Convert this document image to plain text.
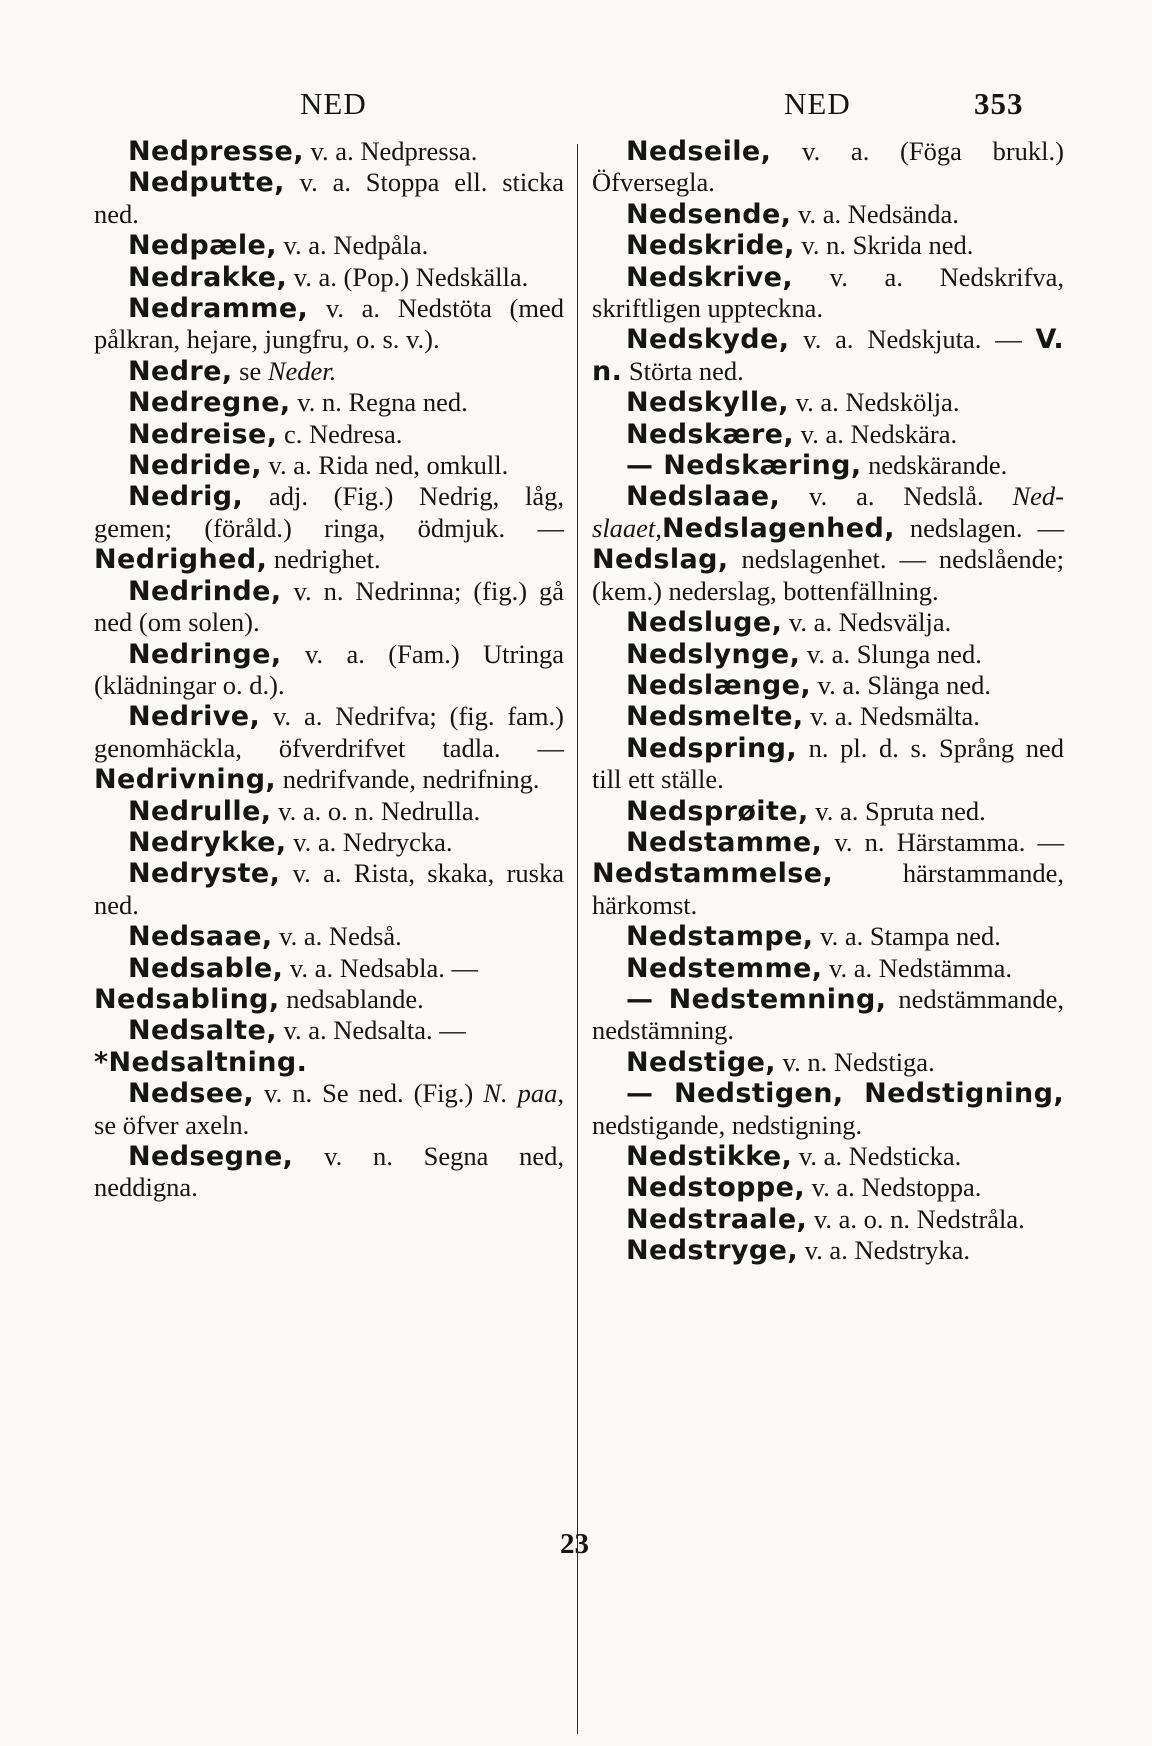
NED	NED	353

Nedpresse, v. a. Nedpressa.

Nedputte, v. a. Stoppa ell. sticka ned.

Nedpæle, v. a. Nedpåla.

Nedrakke, v. a. (Pop.) Nedskälla.

Nedramme, v. a. Nedstöta (med pålkran, hejare, jungfru, o. s. v.).

Nedre, se Neder.

Nedregne, v. n. Regna ned.

Nedreise, c. Nedresa.

Nedride, v. a. Rida ned, omkull.

Nedrig, adj. (Fig.) Nedrig, låg, gemen; (föråld.) ringa, ödmjuk. — Nedrighed, nedrighet.

Nedrinde, v. n. Nedrinna; (fig.) gå ned (om solen).

Nedringe, v. a. (Fam.) Utringa (klädningar o. d.).

Nedrive, v. a. Nedrifva; (fig. fam.) genomhäckla, öfverdrifvet tadla. — Nedrivning, nedrifvande, nedrifning.

Nedrulle, v. a. o. n. Nedrulla.

Nedrykke, v. a. Nedrycka.

Nedryste, v. a. Rista, skaka, ruska ned.

Nedsaae, v. a. Nedså.

Nedsable, v. a. Nedsabla. —

Nedsabling, nedsablande.

Nedsalte, v. a. Nedsalta. —

*Nedsaltning.

Nedsee, v. n. Se ned. (Fig.) N. paa, se öfver axeln.

Nedsegne, v. n. Segna ned, neddigna.

Nedseile, v. a. (Föga brukl.) Öfversegla.

Nedsende, v. a. Nedsända.

Nedskride, v. n. Skrida ned.

Nedskrive, v. a. Nedskrifva, skriftligen uppteckna.

Nedskyde, v. a. Nedskjuta. — V. n. Störta ned.

Nedskylle, v. a. Nedskölja.

Nedskære, v. a. Nedskära.

— Nedskæring, nedskärande.

Nedslaae, v. a. Nedslå. Nedslaaet,Nedslagenhed, nedslagen. — Nedslag, nedslagenhet. — nedslående; (kem.) nederslag, bottenfällning.

Nedsluge, v. a. Nedsvälja.

Nedslynge, v. a. Slunga ned.

Nedslænge, v. a. Slänga ned.

Nedsmelte, v. a. Nedsmälta.

Nedspring, n. pl. d. s. Språng ned till ett ställe.

Nedsprøite, v. a. Spruta ned.

Nedstamme, v. n. Härstamma. — Nedstammelse, härstammande, härkomst.

Nedstampe, v. a. Stampa ned.

Nedstemme, v. a. Nedstämma.

— Nedstemning, nedstämmande, nedstämning.

Nedstige, v. n. Nedstiga.

— Nedstigen, Nedstigning, nedstigande, nedstigning.

Nedstikke, v. a. Nedsticka.

Nedstoppe, v. a. Nedstoppa.

Nedstraale, v. a. o. n. Nedstråla.

Nedstryge, v. a. Nedstryka.

23
